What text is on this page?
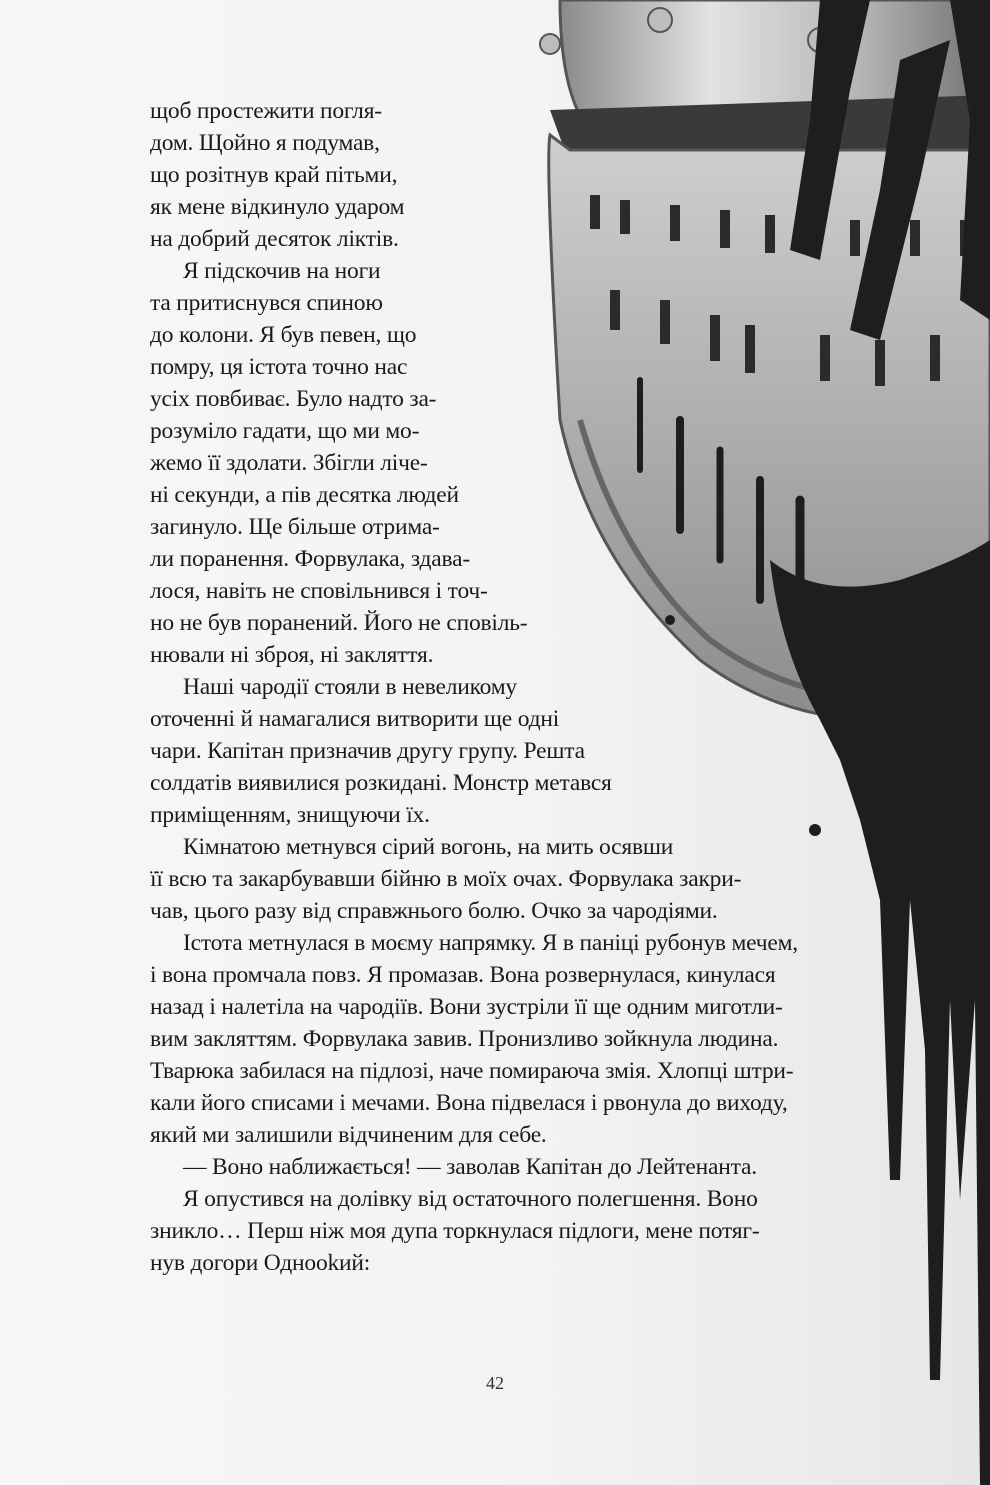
щоб простежити погля-

дом. Щойно я подумав,

що розітнув край пітьми,

як мене відкинуло ударом

на добрий десяток ліктів.

Я підскочив на ноги

та притиснувся спиною

до колони. Я був певен, що

помру, ця істота точно нас

усіх повбиває. Було надто за-

розуміло гадати, що ми мо-

жемо її здолати. Збігли лічe-

ні секунди, а пів десятка людей

загинуло. Ще більше отрима-

ли поранення. Форвулака, здава-

лося, навіть не сповільнився і точ-

но не був поранений. Його не сповіль-

нювали ні зброя, ні закляття.

Наші чародії стояли в невеликому

оточенні й намагалися витворити ще одні

чари. Капітан призначив другу групу. Решта

солдатів виявилися розкидані. Монстр метався

приміщенням, знищуючи їх.

Кімнатою метнувся сірий вогонь, на мить осявши

її всю та закарбувавши бійню в моїх очах. Форвулака закри-

чав, цього разу від справжнього болю. Очко за чародіями.

Істота метнулася в моєму напрямку. Я в паніці рубонув мечем,

і вона промчала повз. Я промазав. Вона розвернулася, кинулася

назад і налетіла на чародіїв. Вони зустріли її ще одним миготли-

вим закляттям. Форвулака завив. Пронизливо зойкнула людина.

Тварюка забилася на підлозі, наче помираюча змія. Хлопці штри-

кали його списами і мечами. Вона підвелася і рвонула до виходу,

який ми залишили відчиненим для себе.

— Воно наближається! — заволав Капітан до Лейтенанта.

Я опустився на долівку від остаточного полегшення. Воно

зникло… Перш ніж моя дупа торкнулася підлоги, мене потяг-

нув догори Однookий:

42
